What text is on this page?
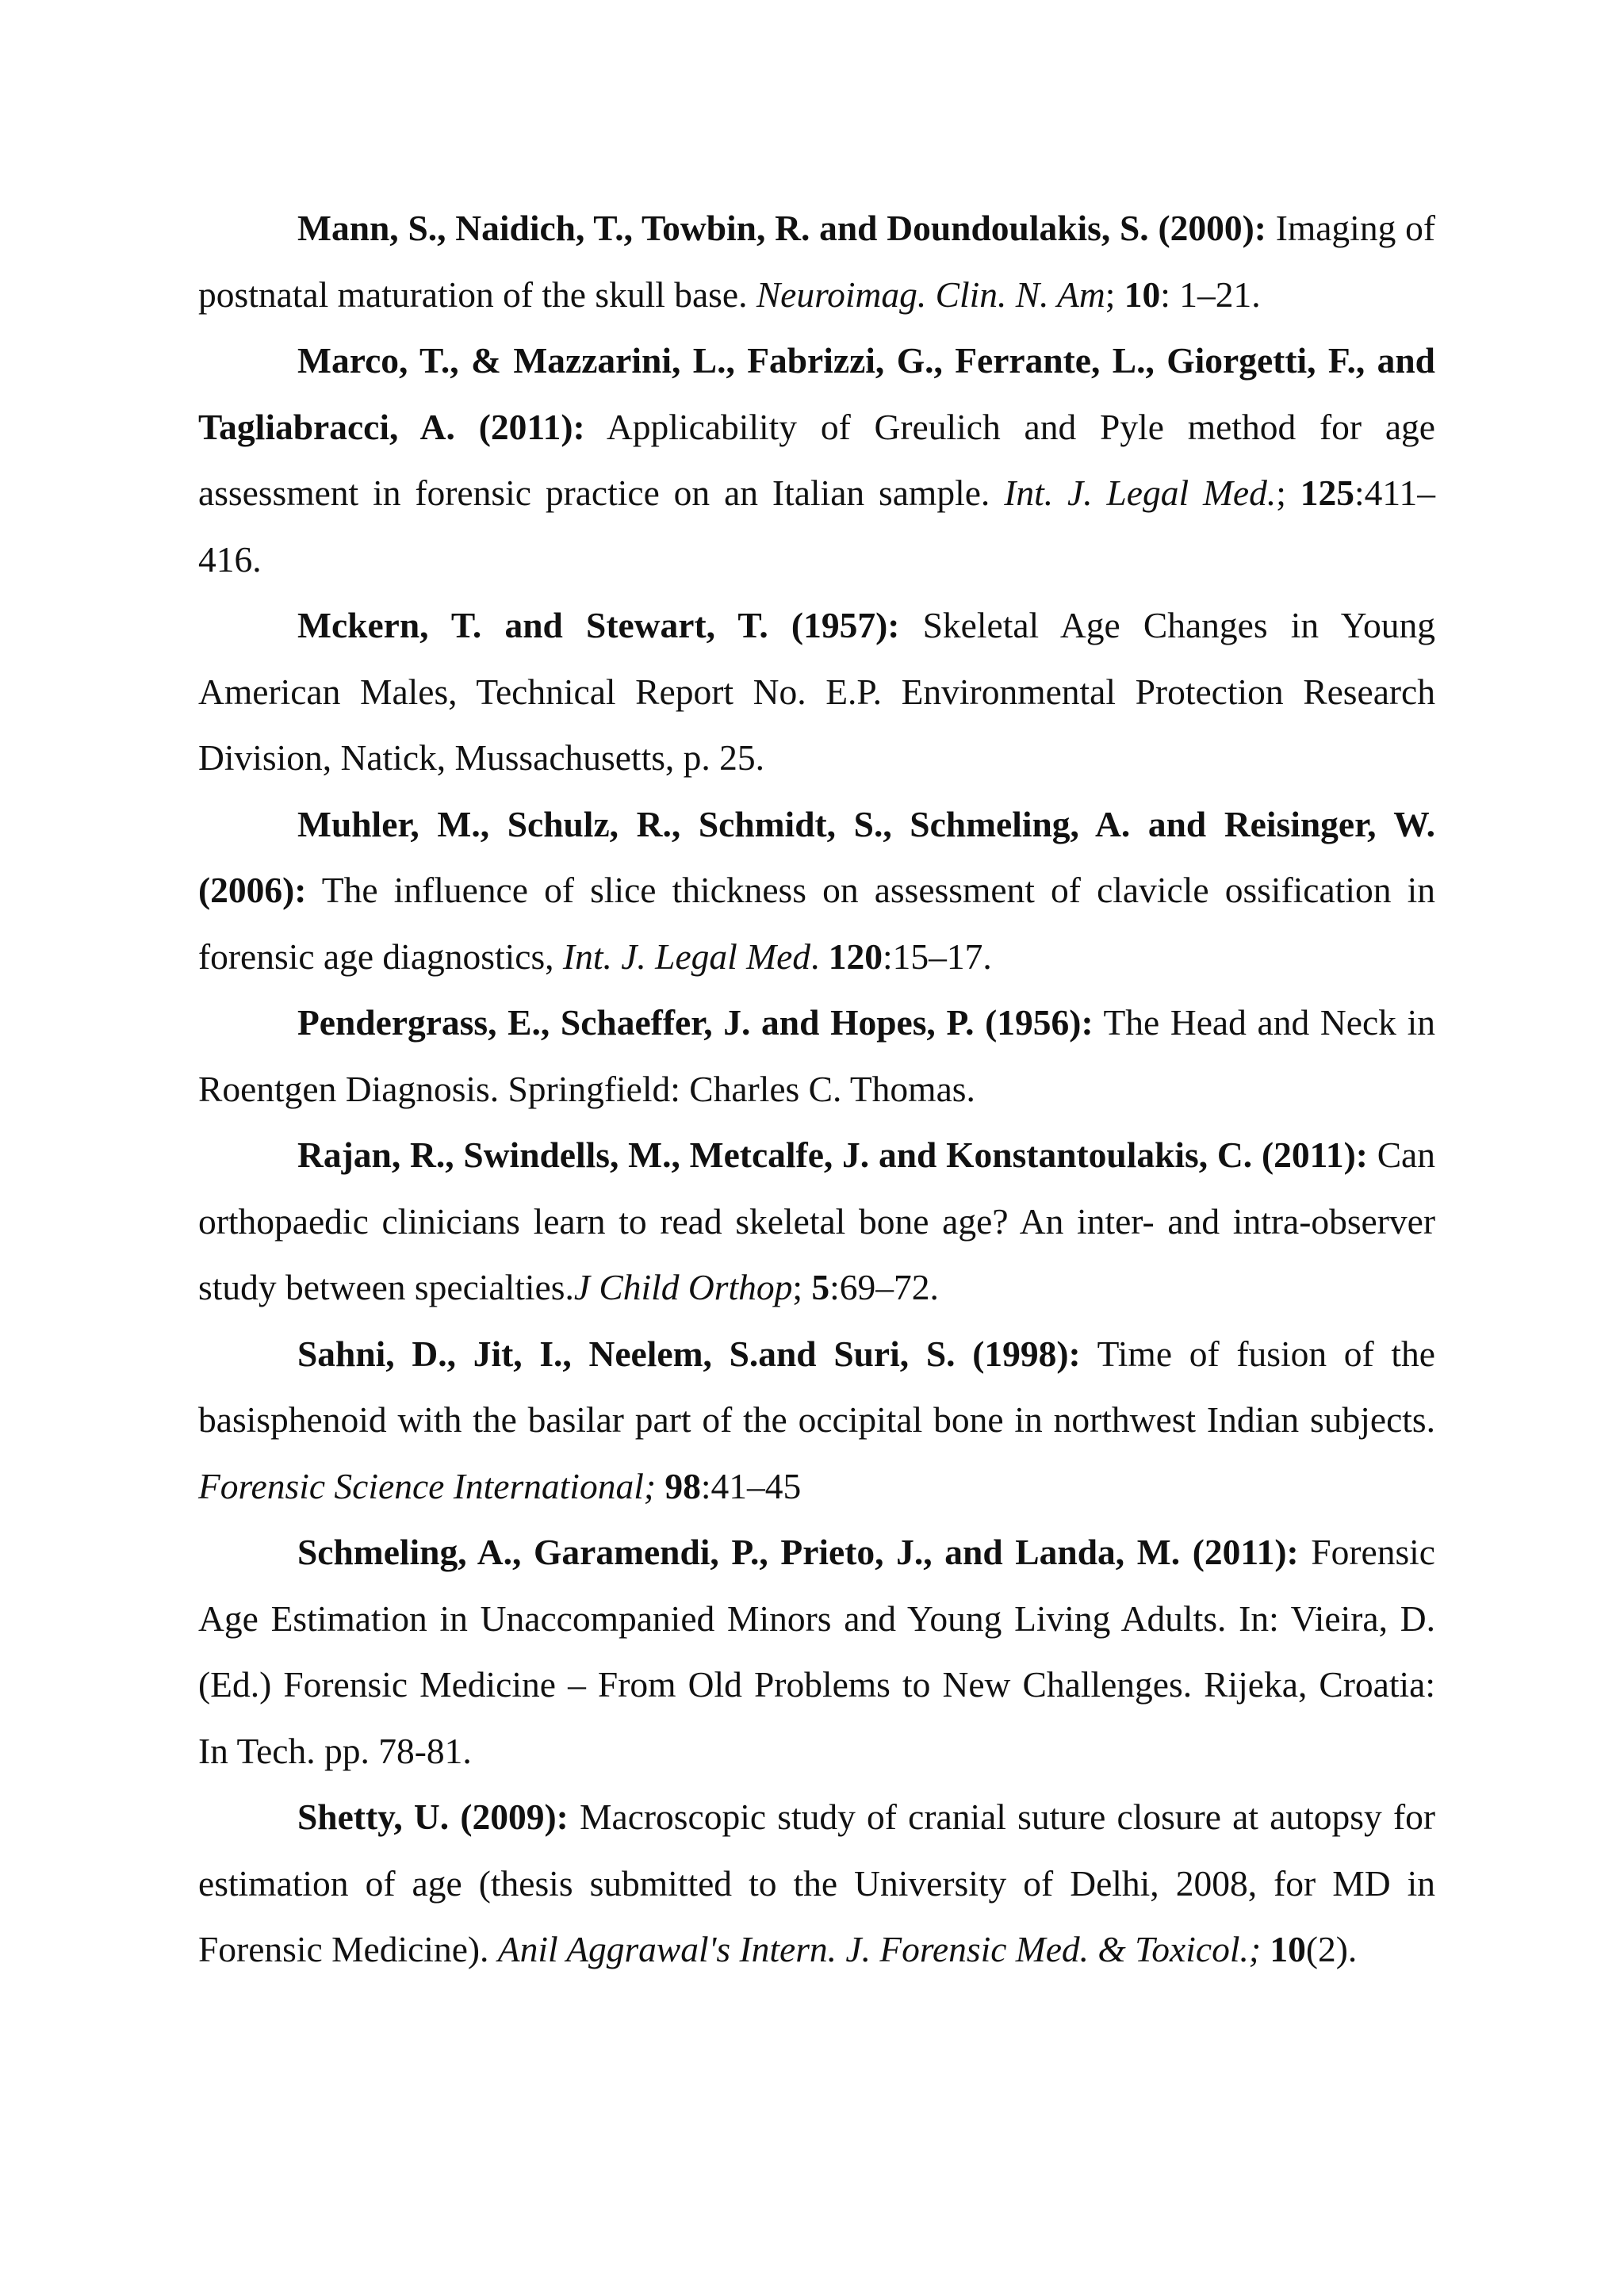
Mann, S., Naidich, T., Towbin, R. and Doundoulakis, S. (2000): Imaging of postnatal maturation of the skull base. Neuroimag. Clin. N. Am; 10: 1–21.

Marco, T., & Mazzarini, L., Fabrizzi, G., Ferrante, L., Giorgetti, F., and Tagliabracci, A. (2011): Applicability of Greulich and Pyle method for age assessment in forensic practice on an Italian sample. Int. J. Legal Med.; 125:411–416.

Mckern, T. and Stewart, T. (1957): Skeletal Age Changes in Young American Males, Technical Report No. E.P. Environmental Protection Research Division, Natick, Mussachusetts, p. 25.

Muhler, M., Schulz, R., Schmidt, S., Schmeling, A. and Reisinger, W. (2006): The influence of slice thickness on assessment of clavicle ossification in forensic age diagnostics, Int. J. Legal Med. 120:15–17.

Pendergrass, E., Schaeffer, J. and Hopes, P. (1956): The Head and Neck in Roentgen Diagnosis. Springfield: Charles C. Thomas.

Rajan, R., Swindells, M., Metcalfe, J. and Konstantoulakis, C. (2011): Can orthopaedic clinicians learn to read skeletal bone age? An inter- and intra-observer study between specialties.J Child Orthop; 5:69–72.

Sahni, D., Jit, I., Neelem, S.and Suri, S. (1998): Time of fusion of the basisphenoid with the basilar part of the occipital bone in northwest Indian subjects. Forensic Science International; 98:41–45

Schmeling, A., Garamendi, P., Prieto, J., and Landa, M. (2011): Forensic Age Estimation in Unaccompanied Minors and Young Living Adults. In: Vieira, D. (Ed.) Forensic Medicine – From Old Problems to New Challenges. Rijeka, Croatia: In Tech. pp. 78-81.

Shetty, U. (2009): Macroscopic study of cranial suture closure at autopsy for estimation of age (thesis submitted to the University of Delhi, 2008, for MD in Forensic Medicine). Anil Aggrawal's Intern. J. Forensic Med. & Toxicol.; 10(2).
